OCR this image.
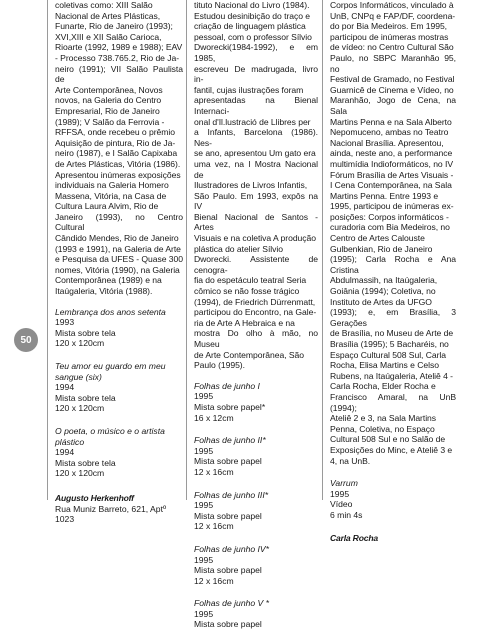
50

coletivas como: XIII Salão

Nacional de Artes Plásticas,

Funarte, Rio de Janeiro (1993);

XVI,XIII e XII Salão Carioca,

Rioarte (1992, 1989 e 1988); EAV

- Processo 738.765.2, Rio de Ja-

neiro (1991); VII Salão Paulista de

Arte Contemporânea, Novos

novos, na Galeria do Centro

Empresarial, Rio de Janeiro

(1989); V Salão da Ferrovia -

RFFSA, onde recebeu o prêmio

Aquisição de pintura, Rio de Ja-

neiro (1987), e I Salão Capixaba

de Artes Plásticas, Vitória (1986).

Apresentou inúmeras exposições

individuais na Galeria Homero

Massena, Vitória, na Casa de

Cultura Laura Alvim, Rio de

Janeiro (1993), no Centro Cultural

Cândido Mendes, Rio de Janeiro

(1993 e 1991), na Galeria de Arte

e Pesquisa da UFES - Quase 300

nomes, Vitória (1990), na Galeria

Contemporânea (1989) e na

Itaúgaleria, Vitória (1988).

Lembrança dos anos setenta
1993
Mista sobre tela
120 x 120cm
Teu amor eu guardo em meu
sangue (six)
1994
Mista sobre tela
120 x 120cm
O poeta, o músico e o artista
plástico
1994
Mista sobre tela
120 x 120cm
Augusto Herkenhoff
Rua Muniz Barreto, 621, Aptº 1023

tituto Nacional do Livro (1984).

Estudou desinibição do traço e

criação de linguagem plástica

pessoal, com o professor Sílvio

Dworecki(1984-1992), e em 1985,

escreveu De madrugada, livro in-

fantil, cujas ilustrações foram

apresentadas na Bienal Internaci-

onal d'Il.lustració de Llibres per

a Infants, Barcelona (1986). Nes-

se ano, apresentou Um gato era

uma vez, na I Mostra Nacional de

Ilustradores de Livros Infantis,

São Paulo. Em 1993, expôs na IV

Bienal Nacional de Santos - Artes

Visuais e na coletiva A produção

plástica do atelier Sílvio

Dworecki. Assistente de cenogra-

fia do espetáculo teatral Seria

cômico se não fosse trágico

(1994), de Friedrich Dürrenmatt,

participou do Encontro, na Gale-

ria de Arte A Hebraica e na

mostra Do olho à mão, no Museu

de Arte Contemporânea, São

Paulo (1995).

Folhas de junho I
1995
Mista sobre papel*
16 x 12cm
Folhas de junho II*
1995
Mista sobre papel
12 x 16cm
Folhas de junho III*
1995
Mista sobre papel
12 x 16cm
Folhas de junho IV*
1995
Mista sobre papel
12 x 16cm
Folhas de junho V *
1995
Mista sobre papel

Corpos Informáticos, vinculado à

UnB, CNPq e FAP/DF, coordena-

do por Bia Medeiros. Em 1995,

participou de inúmeras mostras

de vídeo: no Centro Cultural São

Paulo, no SBPC Maranhão 95, no

Festival de Gramado, no Festival

Guarnicê de Cinema e Vídeo, no

Maranhão, Jogo de Cena, na Sala

Martins Penna e na Sala Alberto

Nepomuceno, ambas no Teatro

Nacional Brasília. Apresentou,

ainda, neste ano, a performance

multimídia Indioformáticos, no IV

Fórum Brasília de Artes Visuais -

I Cena Contemporânea, na Sala

Martins Penna. Entre 1993 e

1995, participou de inúmeras ex-

posições: Corpos informáticos -

curadoria com Bia Medeiros, no

Centro de Artes Calouste

Gulbenkian, Rio de Janeiro

(1995); Carla Rocha e Ana Cristina

Abdulmassih, na Itaúgaleria,

Goiânia (1994); Coletiva, no

Instituto de Artes da UFGO

(1993); e, em Brasília, 3 Gerações

de Brasília, no Museu de Arte de

Brasília (1995); 5 Bacharéis, no

Espaço Cultural 508 Sul, Carla

Rocha, Elisa Martins e Celso

Rubens, na Itaúgaleria, Ateliê 4 -

Carla Rocha, Elder Rocha e

Francisco Amaral, na UnB (1994);

Ateliê 2 e 3, na Sala Martins

Penna, Coletiva, no Espaço

Cultural 508 Sul e no Salão de

Exposições do Minc, e Ateliê 3 e

4, na UnB.

Varrum
1995
Vídeo
6 min 4s
Carla Rocha
